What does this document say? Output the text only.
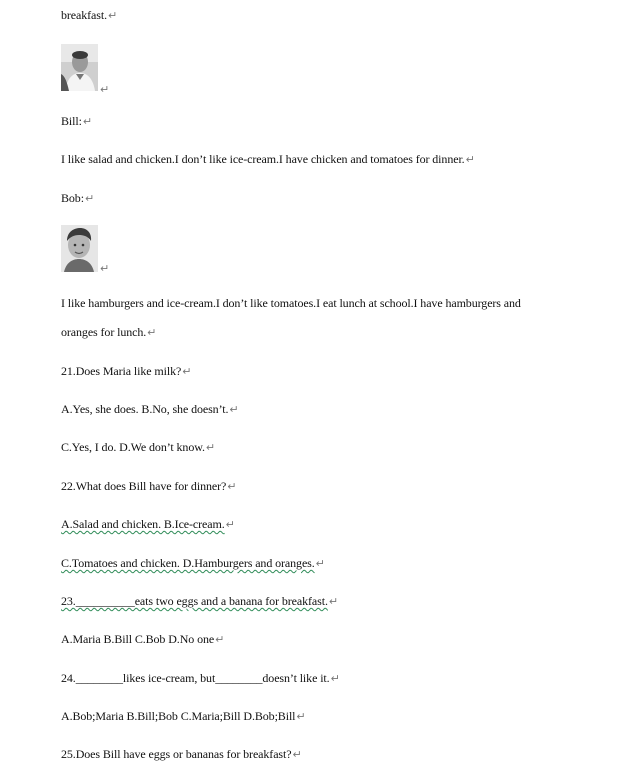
breakfast.↵
↵
Bill:↵
I like salad and chicken.I don’t like ice-cream.I have chicken and tomatoes for dinner.↵
Bob:↵
↵
I like hamburgers and ice-cream.I don’t like tomatoes.I eat lunch at school.I have hamburgers and
oranges for lunch.↵
21.Does Maria like milk?↵
A.Yes, she does. B.No, she doesn’t.↵
C.Yes, I do. D.We don’t know.↵
22.What does Bill have for dinner?↵
A.Salad and chicken. B.Ice-cream.↵
C.Tomatoes and chicken. D.Hamburgers and oranges.↵
23.__________eats two eggs and a banana for breakfast.↵
A.Maria B.Bill C.Bob D.No one↵
24.________likes ice-cream, but________doesn’t like it.↵
A.Bob;Maria B.Bill;Bob C.Maria;Bill D.Bob;Bill↵
25.Does Bill have eggs or bananas for breakfast?↵
